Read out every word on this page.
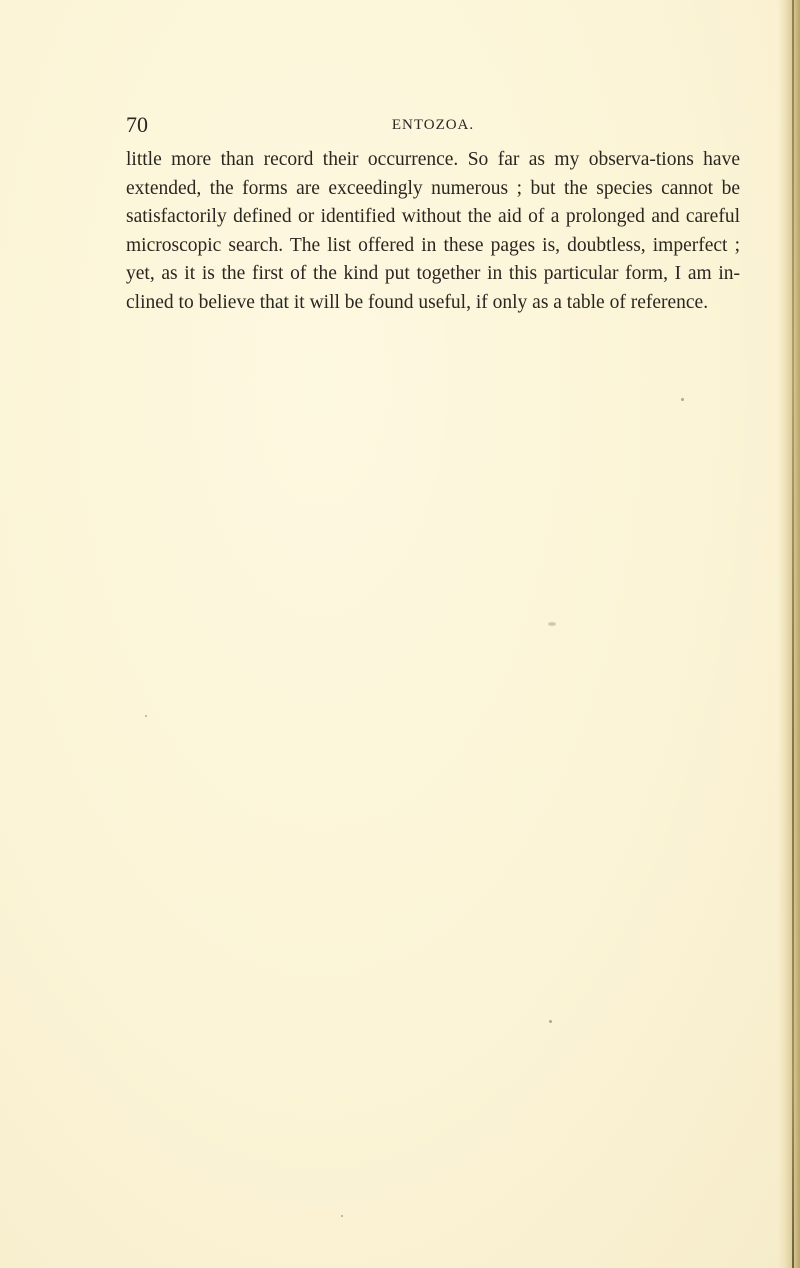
70	ENTOZOA.

little more than record their occurrence. So far as my observa-tions have extended, the forms are exceedingly numerous ; but the species cannot be satisfactorily defined or identified without the aid of a prolonged and careful microscopic search. The list offered in these pages is, doubtless, imperfect ; yet, as it is the first of the kind put together in this particular form, I am in-clined to believe that it will be found useful, if only as a table of reference.
